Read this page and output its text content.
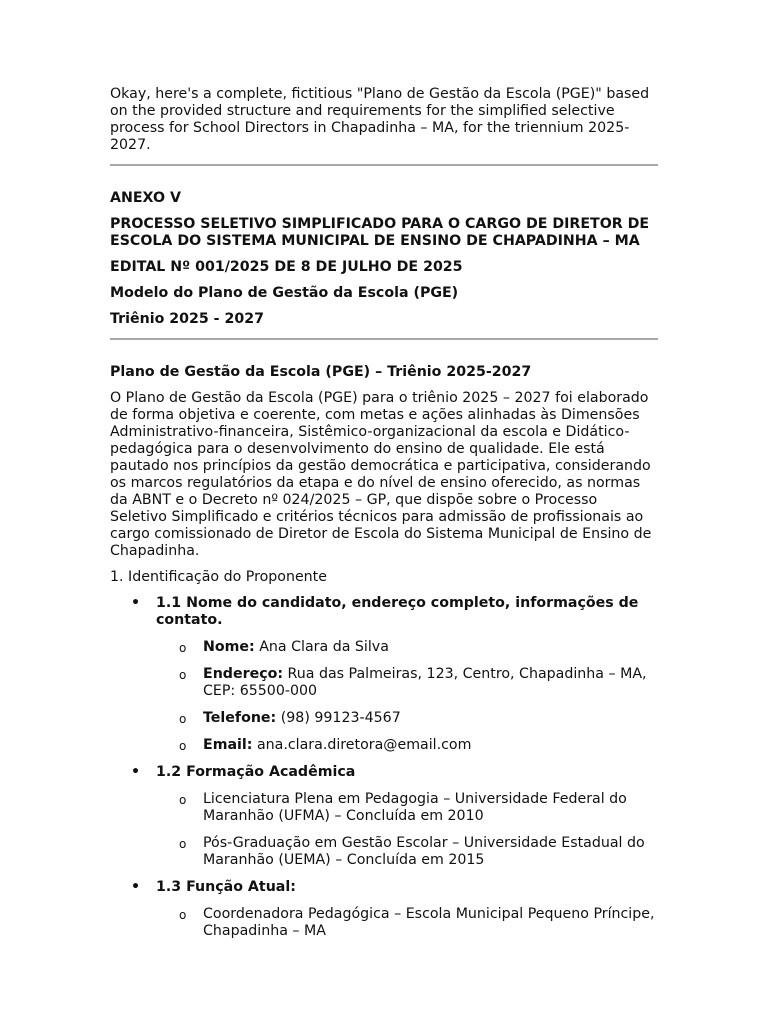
Okay, here's a complete, fictitious "Plano de Gestão da Escola (PGE)" based on the provided structure and requirements for the simplified selective process for School Directors in Chapadinha – MA, for the triennium 2025-2027.

ANEXO V

PROCESSO SELETIVO SIMPLIFICADO PARA O CARGO DE DIRETOR DE ESCOLA DO SISTEMA MUNICIPAL DE ENSINO DE CHAPADINHA – MA

EDITAL Nº 001/2025 DE 8 DE JULHO DE 2025

Modelo do Plano de Gestão da Escola (PGE)

Triênio 2025 - 2027

Plano de Gestão da Escola (PGE) – Triênio 2025-2027

O Plano de Gestão da Escola (PGE) para o triênio 2025 – 2027 foi elaborado de forma objetiva e coerente, com metas e ações alinhadas às Dimensões Administrativo-financeira, Sistêmico-organizacional da escola e Didático-pedagógica para o desenvolvimento do ensino de qualidade. Ele está pautado nos princípios da gestão democrática e participativa, considerando os marcos regulatórios da etapa e do nível de ensino oferecido, as normas da ABNT e o Decreto nº 024/2025 – GP, que dispõe sobre o Processo Seletivo Simplificado e critérios técnicos para admissão de profissionais ao cargo comissionado de Diretor de Escola do Sistema Municipal de Ensino de Chapadinha.

1. Identificação do Proponente

• 1.1 Nome do candidato, endereço completo, informações de contato.
o Nome: Ana Clara da Silva
o Endereço: Rua das Palmeiras, 123, Centro, Chapadinha – MA, CEP: 65500-000
o Telefone: (98) 99123-4567
o Email: ana.clara.diretora@email.com
• 1.2 Formação Acadêmica
o Licenciatura Plena em Pedagogia – Universidade Federal do Maranhão (UFMA) – Concluída em 2010
o Pós-Graduação em Gestão Escolar – Universidade Estadual do Maranhão (UEMA) – Concluída em 2015
• 1.3 Função Atual:
o Coordenadora Pedagógica – Escola Municipal Pequeno Príncipe, Chapadinha – MA
